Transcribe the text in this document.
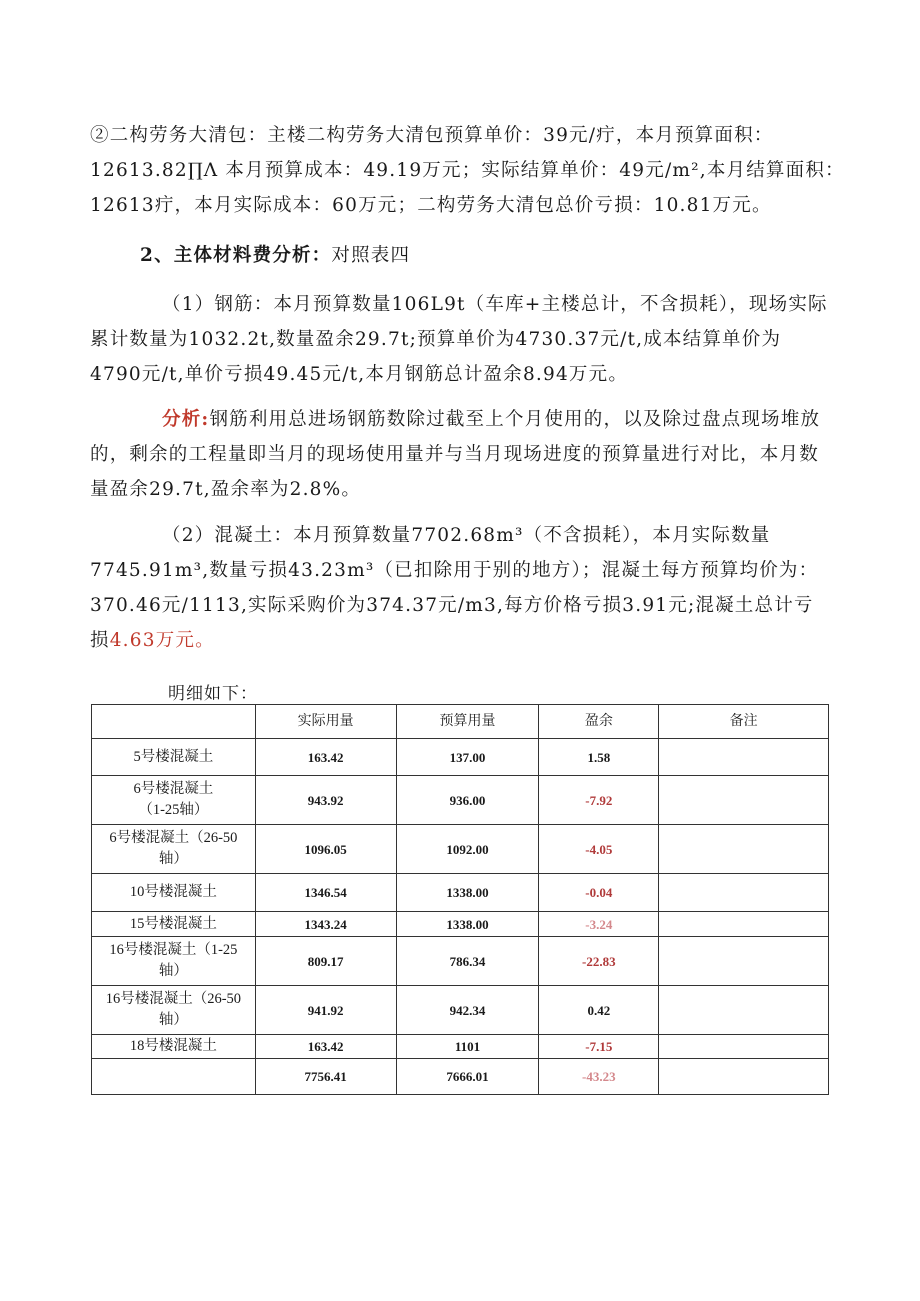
②二构劳务大清包：主楼二构劳务大清包预算单价：39元/疔，本月预算面积：
12613.82∏Λ 本月预算成本：49.19万元；实际结算单价：49元/m²,本月结算面积：
12613疔，本月实际成本：60万元；二构劳务大清包总价亏损：10.81万元。

2、主体材料费分析：对照表四

（1）钢筋：本月预算数量106L9t（车库+主楼总计，不含损耗），现场实际
累计数量为1032.2t,数量盈余29.7t;预算单价为4730.37元/t,成本结算单价为
4790元/t,单价亏损49.45元/t,本月钢筋总计盈余8.94万元。

分析:钢筋利用总进场钢筋数除过截至上个月使用的，以及除过盘点现场堆放
的，剩余的工程量即当月的现场使用量并与当月现场进度的预算量进行对比，本月数
量盈余29.7t,盈余率为2.8%。

（2）混凝土：本月预算数量7702.68m³（不含损耗），本月实际数量
7745.91m³,数量亏损43.23m³（已扣除用于别的地方）；混凝土每方预算均价为：
370.46元/1113,实际采购价为374.37元/m3,每方价格亏损3.91元;混凝土总计亏
损4.63万元。

明细如下：
	实际用量	预算用量	盈余	备注
5号楼混凝土	163.42	137.00	1.58	
6号楼混凝土
（1-25轴）	943.92	936.00	-7.92	
6号楼混凝土（26-50
轴）	1096.05	1092.00	-4.05	
10号楼混凝土	1346.54	1338.00	-0.04	
15号楼混凝土	1343.24	1338.00	-3.24	
16号楼混凝土（1-25
轴）	809.17	786.34	-22.83	
16号楼混凝土（26-50
轴）	941.92	942.34	0.42	
18号楼混凝土	163.42	1101	-7.15	
	7756.41	7666.01	-43.23	
